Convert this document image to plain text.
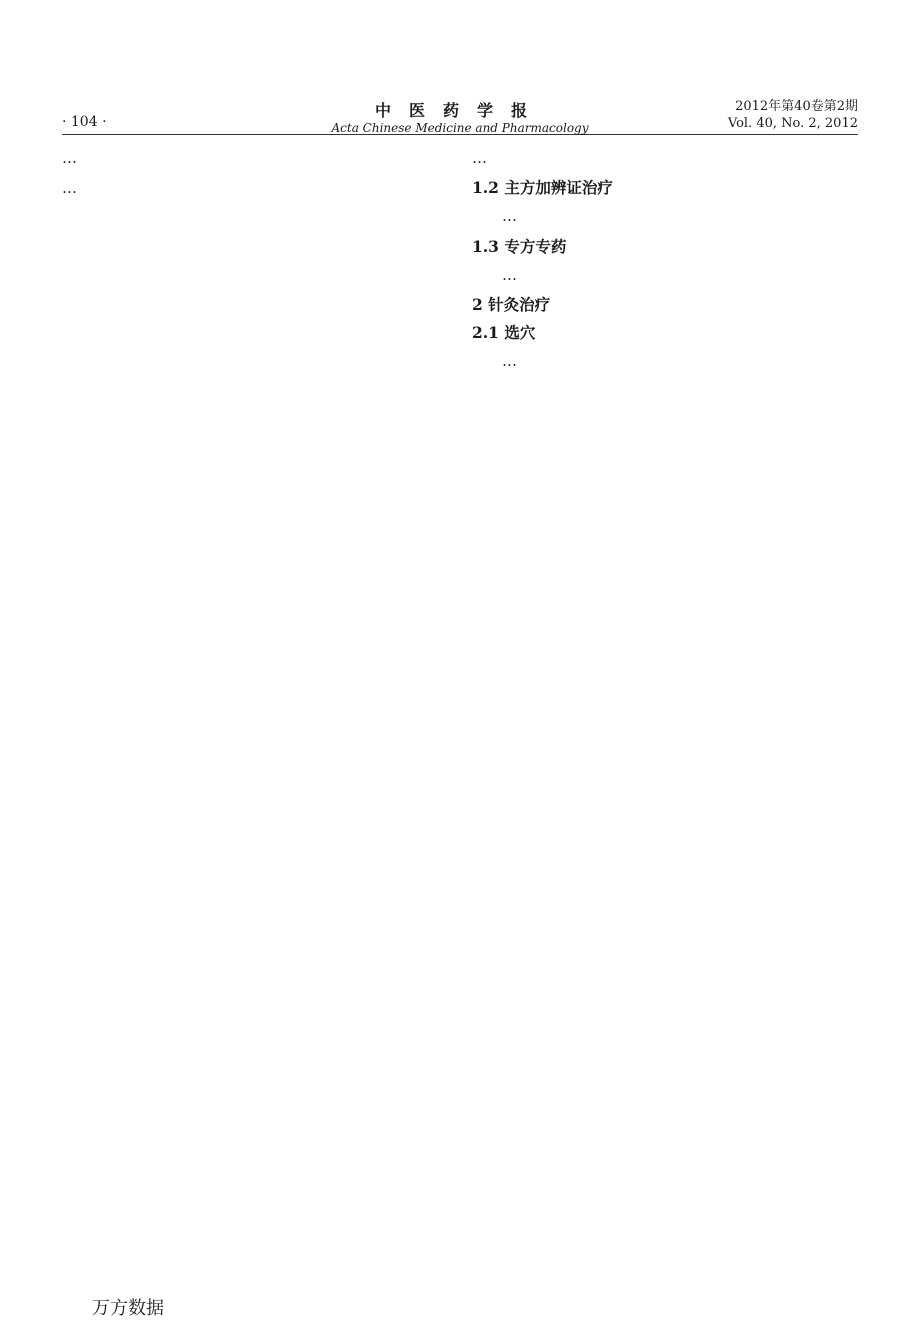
· 104 ·
中医药学报
Acta Chinese Medicine and Pharmacology
2012年第40卷第2期
Vol. 40, No. 2, 2012

…

…

…

1.2 主方加辨证治疗

…

1.3 专方专药

…

2 针灸治疗
2.1 选穴

…

万方数据
